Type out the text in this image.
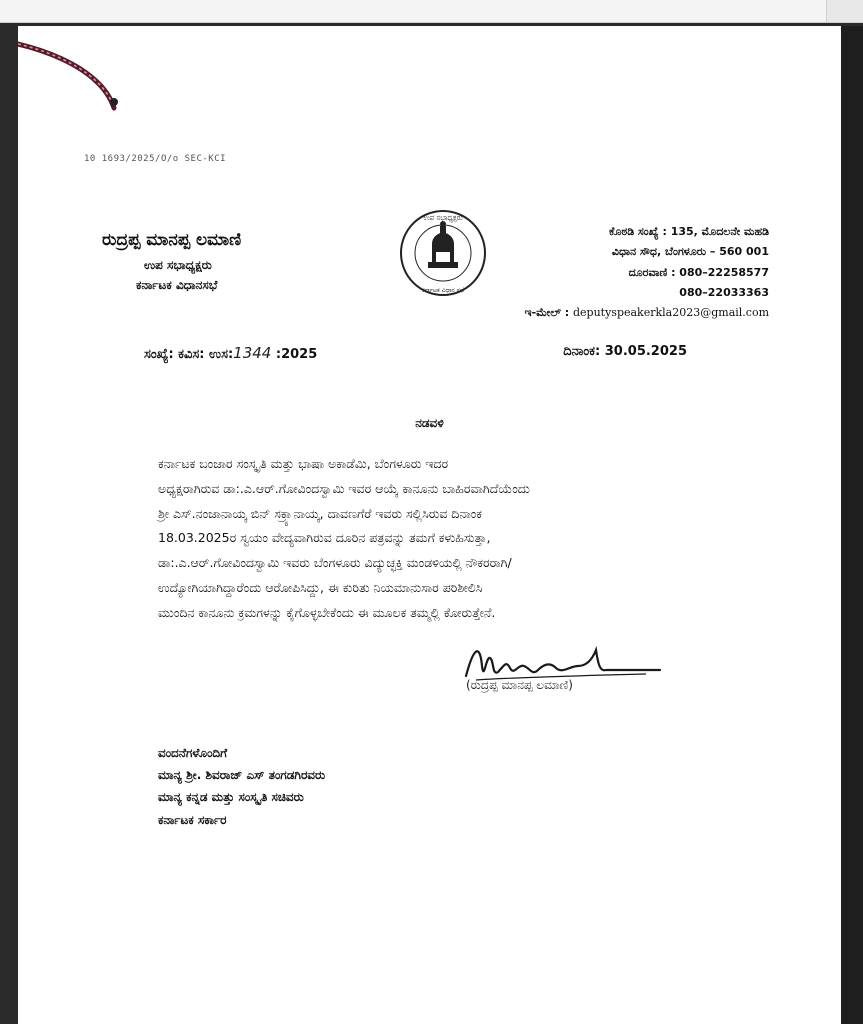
10 1693/2025/O/o SEC-KCI
ರುದ್ರಪ್ಪ ಮಾನಪ್ಪ ಲಮಾಣಿ
ಉಪ ಸಭಾಧ್ಯಕ್ಷರು
ಕರ್ನಾಟಕ ವಿಧಾನಸಭೆ
ಉಪ ಸಭಾಧ್ಯಕ್ಷರು
ಕರ್ನಾಟಕ ವಿಧಾನ ಸಭೆ
ಕೊಠಡಿ ಸಂಖ್ಯೆ : 135, ಮೊದಲನೇ ಮಹಡಿ
ವಿಧಾನ ಸೌಧ, ಬೆಂಗಳೂರು – 560 001
ದೂರವಾಣಿ : 080–22258577
080–22033363
ಇ-ಮೇಲ್ : deputyspeakerkla2023@gmail.com
ಸಂಖ್ಯೆ: ಕವಿಸ: ಉಸ:1344 :2025	ದಿನಾಂಕ: 30.05.2025
ನಡವಳಿ
ಕರ್ನಾಟಕ ಬಂಜಾರ ಸಂಸ್ಕೃತಿ ಮತ್ತು ಭಾಷಾ ಅಕಾಡೆಮಿ, ಬೆಂಗಳೂರು ಇದರ
ಅಧ್ಯಕ್ಷರಾಗಿರುವ ಡಾ:.ಎ.ಆರ್.ಗೋವಿಂದಸ್ವಾಮಿ ಇವರ ಆಯ್ಕೆ ಕಾನೂನು ಬಾಹಿರವಾಗಿದೆಯೆಂದು
ಶ್ರೀ ಎಸ್.ನಂಜಾನಾಯ್ಕ ಬಿನ್ ಸಕ್ರ್ಯಾನಾಯ್ಕ, ದಾವಣಗೆರೆ ಇವರು ಸಲ್ಲಿಸಿರುವ ದಿನಾಂಕ
18.03.2025ರ ಸ್ವಯಂ ವೇದ್ಯವಾಗಿರುವ ದೂರಿನ ಪತ್ರವನ್ನು ತಮಗೆ ಕಳುಹಿಸುತ್ತಾ,
ಡಾ:.ಎ.ಆರ್.ಗೋವಿಂದಸ್ವಾಮಿ ಇವರು ಬೆಂಗಳೂರು ವಿದ್ಯುಚ್ಛಕ್ತಿ ಮಂಡಳಿಯಲ್ಲಿ ನೌಕರರಾಗಿ/
ಉದ್ಯೋಗಿಯಾಗಿದ್ದಾರೆಂದು ಆರೋಪಿಸಿದ್ದು, ಈ ಕುರಿತು ನಿಯಮಾನುಸಾರ ಪರಿಶೀಲಿಸಿ
ಮುಂದಿನ ಕಾನೂನು ಕ್ರಮಗಳನ್ನು ಕೈಗೊಳ್ಳಬೇಕೆಂದು ಈ ಮೂಲಕ ತಮ್ಮಲ್ಲಿ ಕೋರುತ್ತೇನೆ.
(ರುದ್ರಪ್ಪ ಮಾನಪ್ಪ ಲಮಾಣಿ)
ವಂದನೆಗಳೊಂದಿಗೆ
ಮಾನ್ಯ ಶ್ರೀ. ಶಿವರಾಜ್ ಎಸ್ ತಂಗಡಗಿರವರು
ಮಾನ್ಯ ಕನ್ನಡ ಮತ್ತು ಸಂಸ್ಕೃತಿ ಸಚಿವರು
ಕರ್ನಾಟಕ ಸರ್ಕಾರ
